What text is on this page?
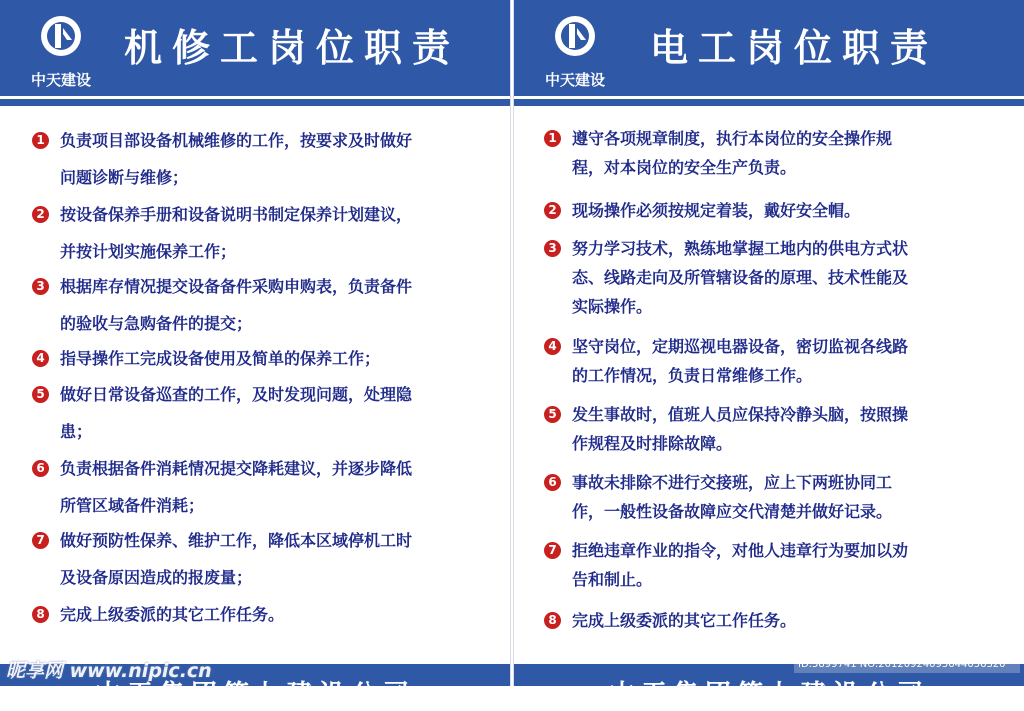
中天建设
机修工岗位职责
1 负责项目部设备机械维修的工作，按要求及时做好
问题诊断与维修；
2 按设备保养手册和设备说明书制定保养计划建议，
并按计划实施保养工作；
3 根据库存情况提交设备备件采购申购表，负责备件
的验收与急购备件的提交；
4 指导操作工完成设备使用及简单的保养工作；
5 做好日常设备巡查的工作，及时发现问题，处理隐
患；
6 负责根据备件消耗情况提交降耗建议，并逐步降低
所管区域备件消耗；
7 做好预防性保养、维护工作，降低本区域停机工时
及设备原因造成的报废量；
8 完成上级委派的其它工作任务。
中天集团第七建设公司
中天建设
电工岗位职责
1 遵守各项规章制度，执行本岗位的安全操作规
程，对本岗位的安全生产负责。
2 现场操作必须按规定着装，戴好安全帽。
3 努力学习技术，熟练地掌握工地内的供电方式状
态、线路走向及所管辖设备的原理、技术性能及
实际操作。
4 坚守岗位，定期巡视电器设备，密切监视各线路
的工作情况，负责日常维修工作。
5 发生事故时，值班人员应保持冷静头脑，按照操
作规程及时排除故障。
6 事故未排除不进行交接班，应上下两班协同工
作，一般性设备故障应交代清楚并做好记录。
7 拒绝违章作业的指令，对他人违章行为要加以劝
告和制止。
8 完成上级委派的其它工作任务。
中天集团第七建设公司
昵享网 www.nipic.cn	ID:5899741 NO:20120924095644056320
